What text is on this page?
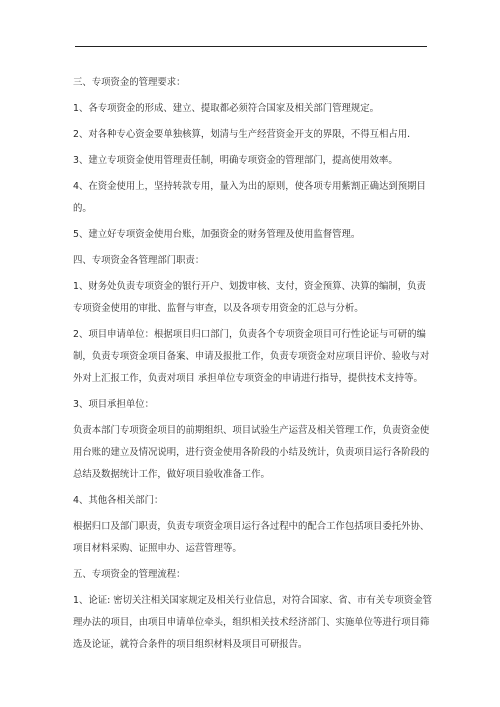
三、专项资金的管理要求：

1、各专项资金的形成、建立、提取都必须符合国家及相关部门管理规定。

2、对各种专心资金要单独核算，划清与生产经营资金开支的界限，不得互相占用．

3、建立专项资金使用管理责任制，明确专项资金的管理部门，提高使用效率。

4、在资金使用上，坚持转款专用，量入为出的原则，使各项专用紫割正确达到预期目的。

5、建立好专项资金使用台账，加强资金的财务管理及使用监督管理。

四、专项资金各管理部门职责：

1、财务处负责专项资金的银行开户、划拨审核、支付，资金预算、决算的编制，负责专项资金使用的审批、监督与审查，以及各项专用资金的汇总与分析。

2、项目申请单位：根据项目归口部门，负责各个专项资金项目可行性论证与可研的编制，负责专项资金项目备案、申请及报批工作，负责专项资金对应项目评价、验收与对外对上汇报工作，负责对项目 承担单位专项资金的申请进行指导，提供技术支持等。

3、项目承担单位：

负责本部门专项资金项目的前期组织、项目试验生产运营及相关管理工作，负责资金使用台账的建立及情况说明，进行资金使用各阶段的小结及统计，负责项目运行各阶段的总结及数据统计工作，做好项目验收准备工作。

4、其他各相关部门：

根据归口及部门职责，负责专项资金项目运行各过程中的配合工作包括项目委托外协、项目材料采购、证照申办、运营管理等。

五、专项资金的管理流程：

1、论证: 密切关注相关国家规定及相关行业信息，对符合国家、省、市有关专项资金管理办法的项目，由项目申请单位牵头，组织相关技术经济部门、实施单位等进行项目筛选及论证，就符合条件的项目组织材料及项目可研报告。
